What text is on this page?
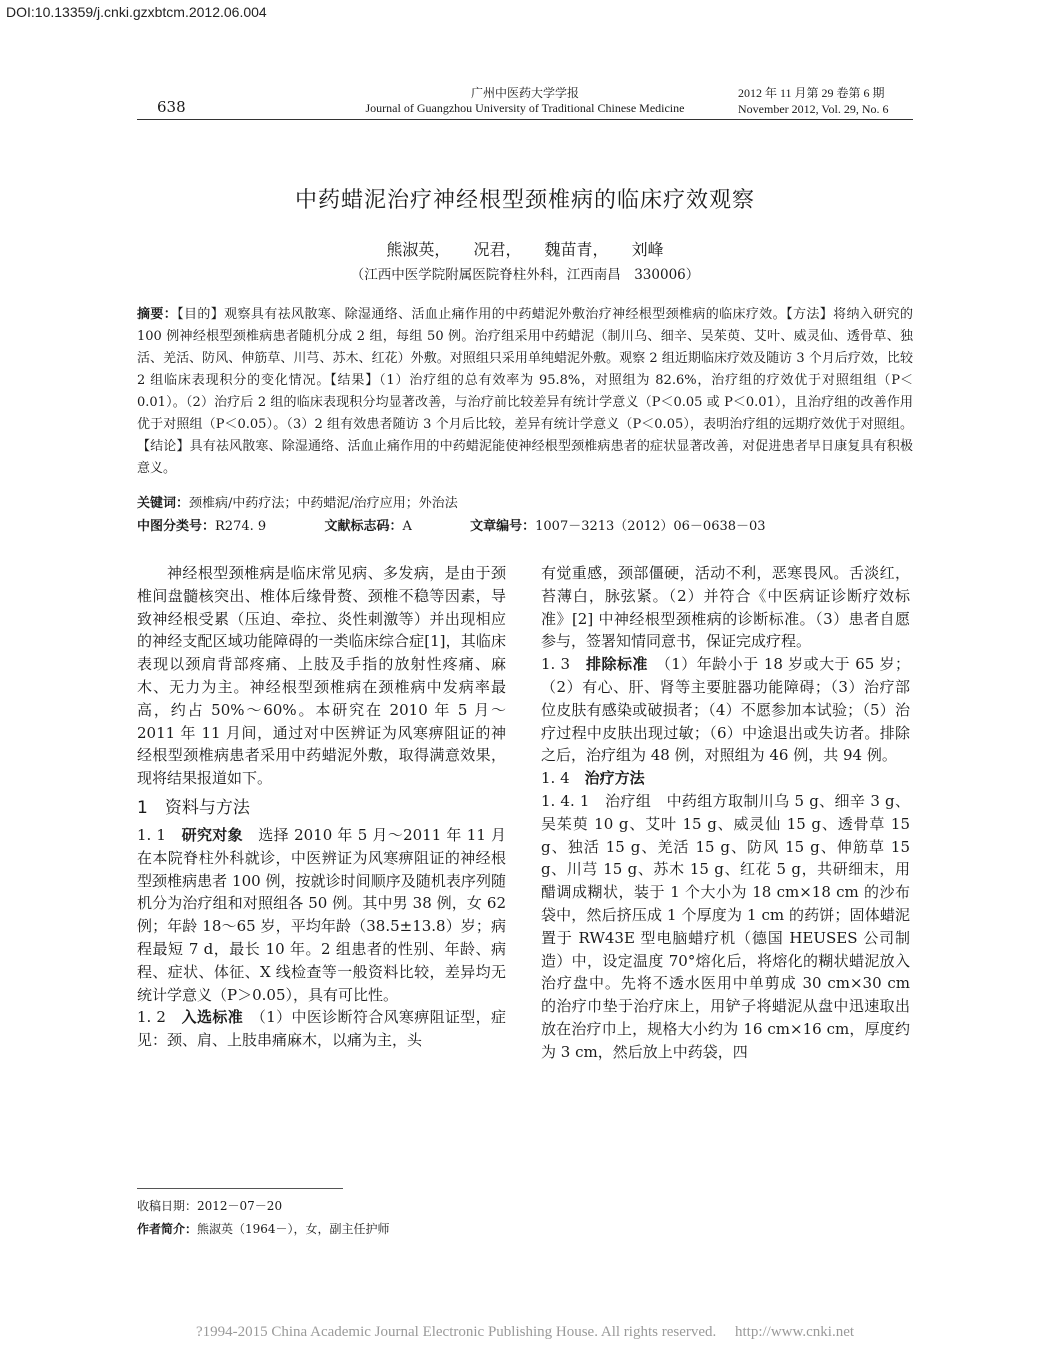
DOI:10.13359/j.cnki.gzxbtcm.2012.06.004
638
广州中医药大学学报
Journal of Guangzhou University of Traditional Chinese Medicine
2012 年 11 月第 29 卷第 6 期
November 2012, Vol. 29, No. 6
中药蜡泥治疗神经根型颈椎病的临床疗效观察
熊淑英， 况君， 魏苗青， 刘峰
（江西中医学院附属医院脊柱外科，江西南昌　330006）

摘要：【目的】观察具有祛风散寒、除湿通络、活血止痛作用的中药蜡泥外敷治疗神经根型颈椎病的临床疗效。【方法】将纳入研究的 100 例神经根型颈椎病患者随机分成 2 组，每组 50 例。治疗组采用中药蜡泥（制川乌、细辛、吴茱萸、艾叶、威灵仙、透骨草、独活、羌活、防风、伸筋草、川芎、苏木、红花）外敷。对照组只采用单纯蜡泥外敷。观察 2 组近期临床疗效及随访 3 个月后疗效，比较 2 组临床表现积分的变化情况。【结果】（1）治疗组的总有效率为 95.8%，对照组为 82.6%，治疗组的疗效优于对照组组（P＜0.01）。（2）治疗后 2 组的临床表现积分均显著改善，与治疗前比较差异有统计学意义（P＜0.05 或 P＜0.01），且治疗组的改善作用优于对照组（P＜0.05）。（3）2 组有效患者随访 3 个月后比较，差异有统计学意义（P＜0.05），表明治疗组的远期疗效优于对照组。【结论】具有祛风散寒、除湿通络、活血止痛作用的中药蜡泥能使神经根型颈椎病患者的症状显著改善，对促进患者早日康复具有积极意义。

关键词：颈椎病/中药疗法；中药蜡泥/治疗应用；外治法
中图分类号：R274. 9	文献标志码：A	文章编号：1007－3213（2012）06－0638－03

神经根型颈椎病是临床常见病、多发病，是由于颈椎间盘髓核突出、椎体后缘骨赘、颈椎不稳等因素，导致神经根受累（压迫、牵拉、炎性刺激等）并出现相应的神经支配区域功能障碍的一类临床综合症[1]，其临床表现以颈肩背部疼痛、上肢及手指的放射性疼痛、麻木、无力为主。神经根型颈椎病在颈椎病中发病率最高，约占 50%～60%。本研究在 2010 年 5 月～2011 年 11 月间，通过对中医辨证为风寒痹阻证的神经根型颈椎病患者采用中药蜡泥外敷，取得满意效果，现将结果报道如下。

1　资料与方法

1. 1　研究对象　选择 2010 年 5 月～2011 年 11 月在本院脊柱外科就诊，中医辨证为风寒痹阻证的神经根型颈椎病患者 100 例，按就诊时间顺序及随机表序列随机分为治疗组和对照组各 50 例。其中男 38 例，女 62 例；年龄 18～65 岁，平均年龄（38.5±13.8）岁；病程最短 7 d，最长 10 年。2 组患者的性别、年龄、病程、症状、体征、X 线检查等一般资料比较，差异均无统计学意义（P＞0.05），具有可比性。

1. 2　入选标准　（1）中医诊断符合风寒痹阻证型，症见：颈、肩、上肢串痛麻木，以痛为主，头

有觉重感，颈部僵硬，活动不利，恶寒畏风。舌淡红，苔薄白，脉弦紧。（2）并符合《中医病证诊断疗效标准》[2] 中神经根型颈椎病的诊断标准。（3）患者自愿参与，签署知情同意书，保证完成疗程。

1. 3　排除标准　（1）年龄小于 18 岁或大于 65 岁；（2）有心、肝、肾等主要脏器功能障碍；（3）治疗部位皮肤有感染或破损者；（4）不愿参加本试验；（5）治疗过程中皮肤出现过敏；（6）中途退出或失访者。排除之后，治疗组为 48 例，对照组为 46 例，共 94 例。

1. 4　治疗方法

1. 4. 1　治疗组　中药组方取制川乌 5 g、细辛 3 g、吴茱萸 10 g、艾叶 15 g、威灵仙 15 g、透骨草 15 g、独活 15 g、羌活 15 g、防风 15 g、伸筋草 15 g、川芎 15 g、苏木 15 g、红花 5 g，共研细末，用醋调成糊状，装于 1 个大小为 18 cm×18 cm 的沙布袋中，然后挤压成 1 个厚度为 1 cm 的药饼；固体蜡泥置于 RW43E 型电脑蜡疗机（德国 HEUSES 公司制造）中，设定温度 70°熔化后，将熔化的糊状蜡泥放入治疗盘中。先将不透水医用中单剪成 30 cm×30 cm 的治疗巾垫于治疗床上，用铲子将蜡泥从盘中迅速取出放在治疗巾上，规格大小约为 16 cm×16 cm，厚度约为 3 cm，然后放上中药袋，四

收稿日期：2012－07－20
作者简介：熊淑英（1964－），女，副主任护师
?1994-2015 China Academic Journal Electronic Publishing House. All rights reserved.　 http://www.cnki.net
